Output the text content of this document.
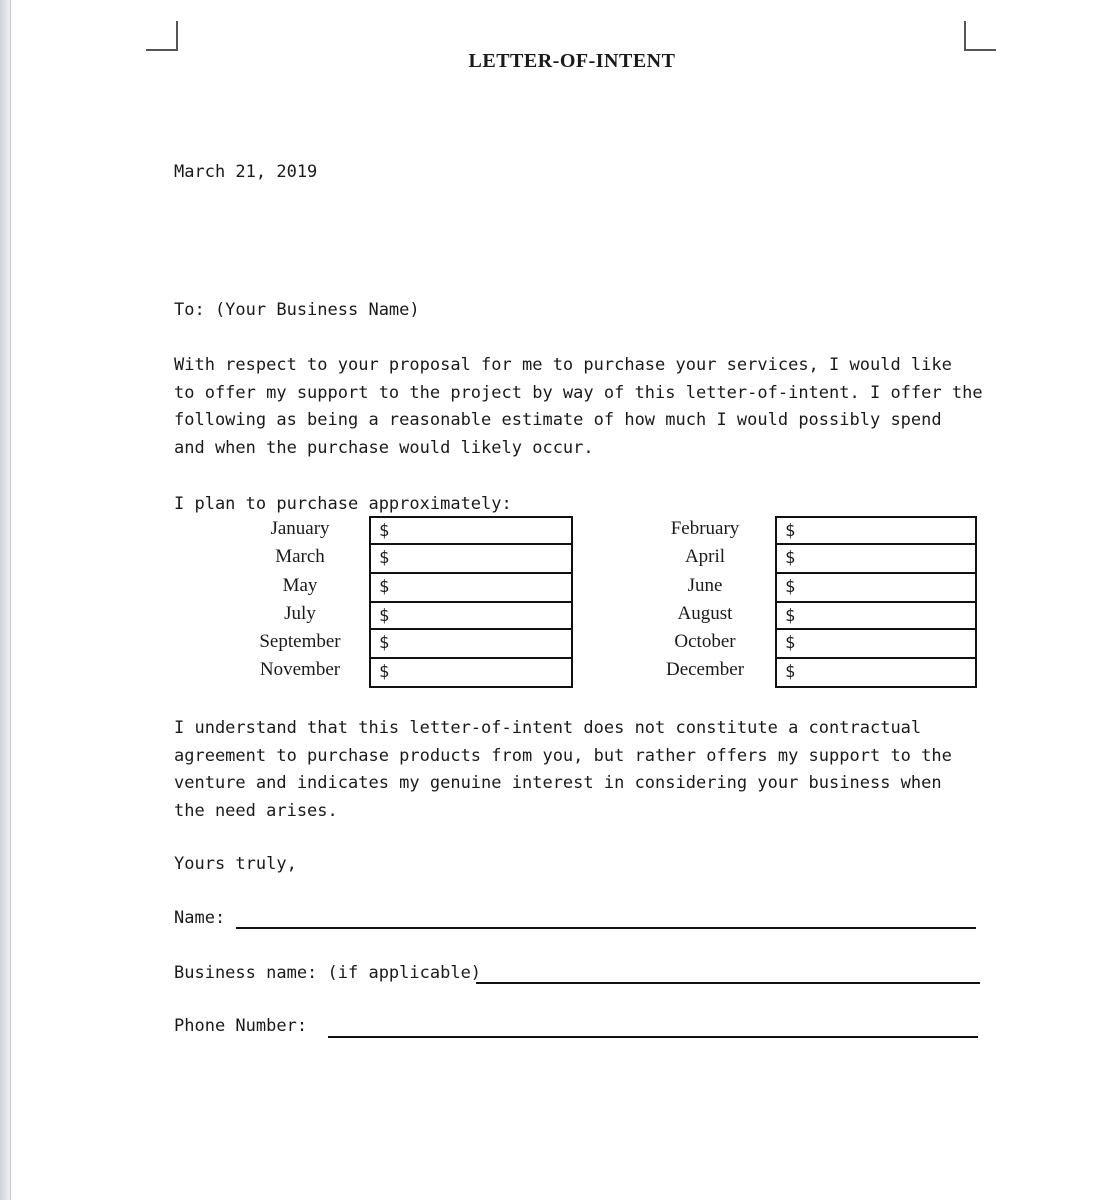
LETTER-OF-INTENT
March 21, 2019
To: (Your Business Name)
With respect to your proposal for me to purchase your services, I would like
to offer my support to the project by way of this letter-of-intent. I offer the
following as being a reasonable estimate of how much I would possibly spend
and when the purchase would likely occur.
I plan to purchase approximately:
January
March
May
July
September
November
$
$
$
$
$
$
February
April
June
August
October
December
$
$
$
$
$
$
I understand that this letter-of-intent does not constitute a contractual
agreement to purchase products from you, but rather offers my support to the
venture and indicates my genuine interest in considering your business when
the need arises.
Yours truly,
Name:
Business name: (if applicable)
Phone Number:
